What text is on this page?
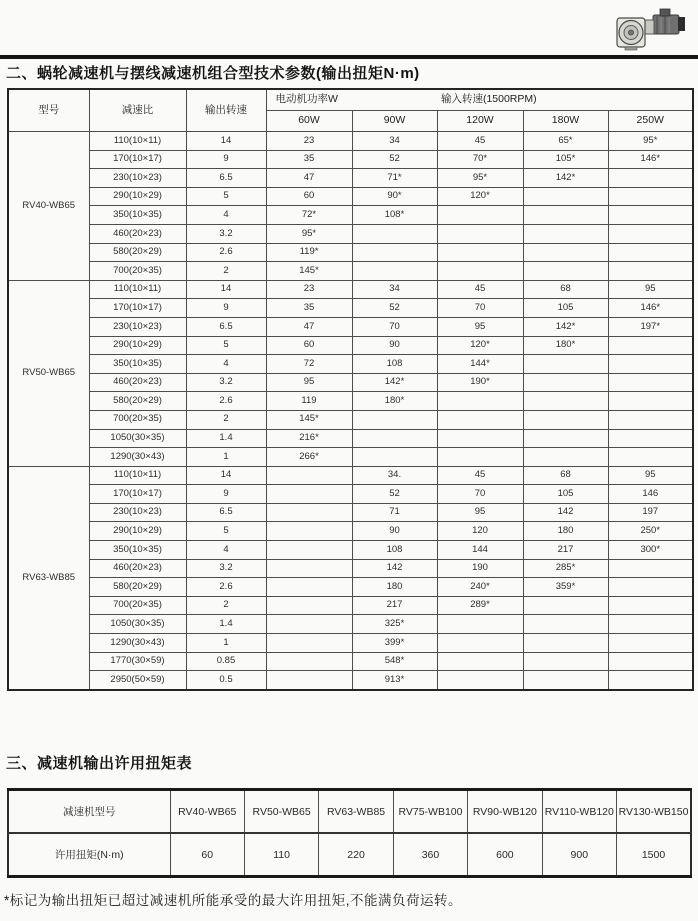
二、蜗轮减速机与摆线减速机组合型技术参数(输出扭矩N·m)
型号	减速比	输出转速	电动机功率W 输入转速(1500RPM)				

			60W	90W	120W	180W	250W
RV40-WB65	110(10×11)	14	23	34	45	65*	95*
	170(10×17)	9	35	52	70*	105*	146*
	230(10×23)	6.5	47	71*	95*	142*	
	290(10×29)	5	60	90*	120*		
	350(10×35)	4	72*	108*			
	460(20×23)	3.2	95*				
	580(20×29)	2.6	119*				
	700(20×35)	2	145*				
RV50-WB65	110(10×11)	14	23	34	45	68	95
	170(10×17)	9	35	52	70	105	146*
	230(10×23)	6.5	47	70	95	142*	197*
	290(10×29)	5	60	90	120*	180*	
	350(10×35)	4	72	108	144*		
	460(20×23)	3.2	95	142*	190*		
	580(20×29)	2.6	119	180*			
	700(20×35)	2	145*				
	1050(30×35)	1.4	216*				
	1290(30×43)	1	266*				
RV63-WB85	110(10×11)	14		34.	45	68	95
	170(10×17)	9		52	70	105	146
	230(10×23)	6.5		71	95	142	197
	290(10×29)	5		90	120	180	250*
	350(10×35)	4		108	144	217	300*
	460(20×23)	3.2		142	190	285*	
	580(20×29)	2.6		180	240*	359*	
	700(20×35)	2		217	289*		
	1050(30×35)	1.4		325*			
	1290(30×43)	1		399*			
	1770(30×59)	0.85		548*			
	2950(50×59)	0.5		913*			
三、减速机输出许用扭矩表
减速机型号	RV40-WB65	RV50-WB65	RV63-WB85	RV75-WB100	RV90-WB120	RV110-WB120	RV130-WB150
许用扭矩(N·m)	60	110	220	360	600	900	1500

*标记为输出扭矩已超过减速机所能承受的最大许用扭矩,不能满负荷运转。
